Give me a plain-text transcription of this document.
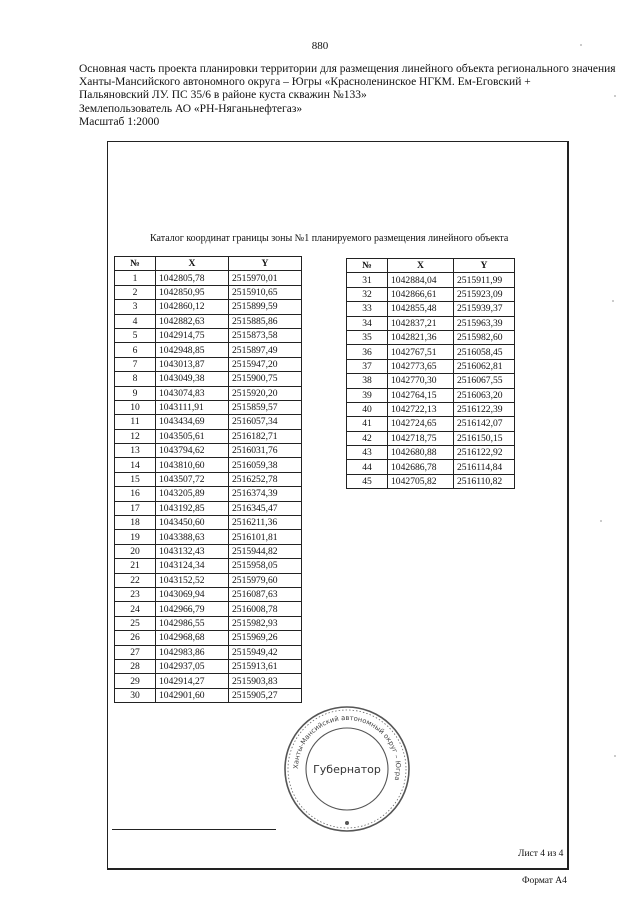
880
Основная часть проекта планировки территории для размещения линейного объекта регионального значения
Ханты-Мансийского автономного округа – Югры «Красноленинское НГКМ. Ем-Еговский +
Пальяновский ЛУ. ПС 35/6 в районе куста скважин №133»
Землепользователь АО «РН-Няганьнефтегаз»
Масштаб 1:2000
Каталог координат границы зоны №1 планируемого размещения линейного объекта
№	X	Y
1	1042805,78	2515970,01
2	1042850,95	2515910,65
3	1042860,12	2515899,59
4	1042882,63	2515885,86
5	1042914,75	2515873,58
6	1042948,85	2515897,49
7	1043013,87	2515947,20
8	1043049,38	2515900,75
9	1043074,83	2515920,20
10	1043111,91	2515859,57
11	1043434,69	2516057,34
12	1043505,61	2516182,71
13	1043794,62	2516031,76
14	1043810,60	2516059,38
15	1043507,72	2516252,78
16	1043205,89	2516374,39
17	1043192,85	2516345,47
18	1043450,60	2516211,36
19	1043388,63	2516101,81
20	1043132,43	2515944,82
21	1043124,34	2515958,05
22	1043152,52	2515979,60
23	1043069,94	2516087,63
24	1042966,79	2516008,78
25	1042986,55	2515982,93
26	1042968,68	2515969,26
27	1042983,86	2515949,42
28	1042937,05	2515913,61
29	1042914,27	2515903,83
30	1042901,60	2515905,27
№	X	Y
31	1042884,04	2515911,99
32	1042866,61	2515923,09
33	1042855,48	2515939,37
34	1042837,21	2515963,39
35	1042821,36	2515982,60
36	1042767,51	2516058,45
37	1042773,65	2516062,81
38	1042770,30	2516067,55
39	1042764,15	2516063,20
40	1042722,13	2516122,39
41	1042724,65	2516142,07
42	1042718,75	2516150,15
43	1042680,88	2516122,92
44	1042686,78	2516114,84
45	1042705,82	2516110,82
Ханты-Мансийский автономный округ – Югра
Губернатор
Лист 4 из 4
Формат А4
